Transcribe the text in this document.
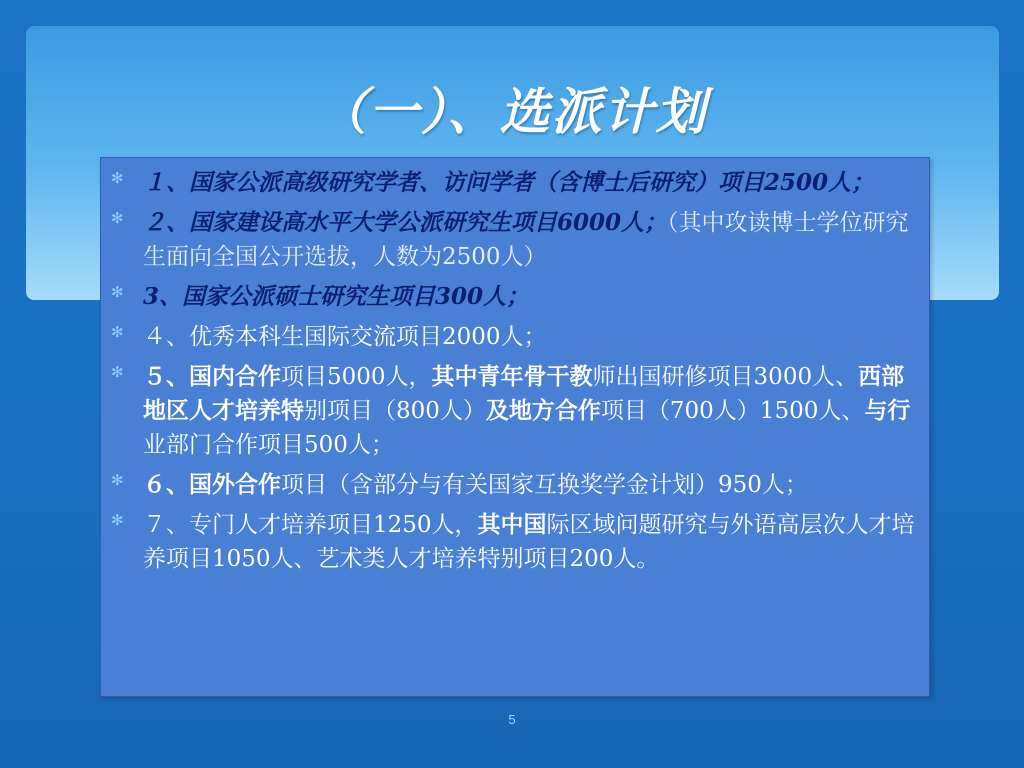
（一）、选派计划
✻ １、国家公派高级研究学者、访问学者（含博士后研究）项目2500人；
✻ ２、国家建设高水平大学公派研究生项目6000人；（其中攻读博士学位研究生面向全国公开选拔，人数为2500人）
✻ 3、国家公派硕士研究生项目300人；
✻ ４、优秀本科生国际交流项目2000人；
✻ ５、国内合作项目5000人，其中青年骨干教师出国研修项目3000人、西部地区人才培养特别项目（800人）及地方合作项目（700人）1500人、与行业部门合作项目500人；
✻ ６、国外合作项目（含部分与有关国家互换奖学金计划）950人；
✻ ７、专门人才培养项目1250人，其中国际区域问题研究与外语高层次人才培养项目1050人、艺术类人才培养特别项目200人。
5
